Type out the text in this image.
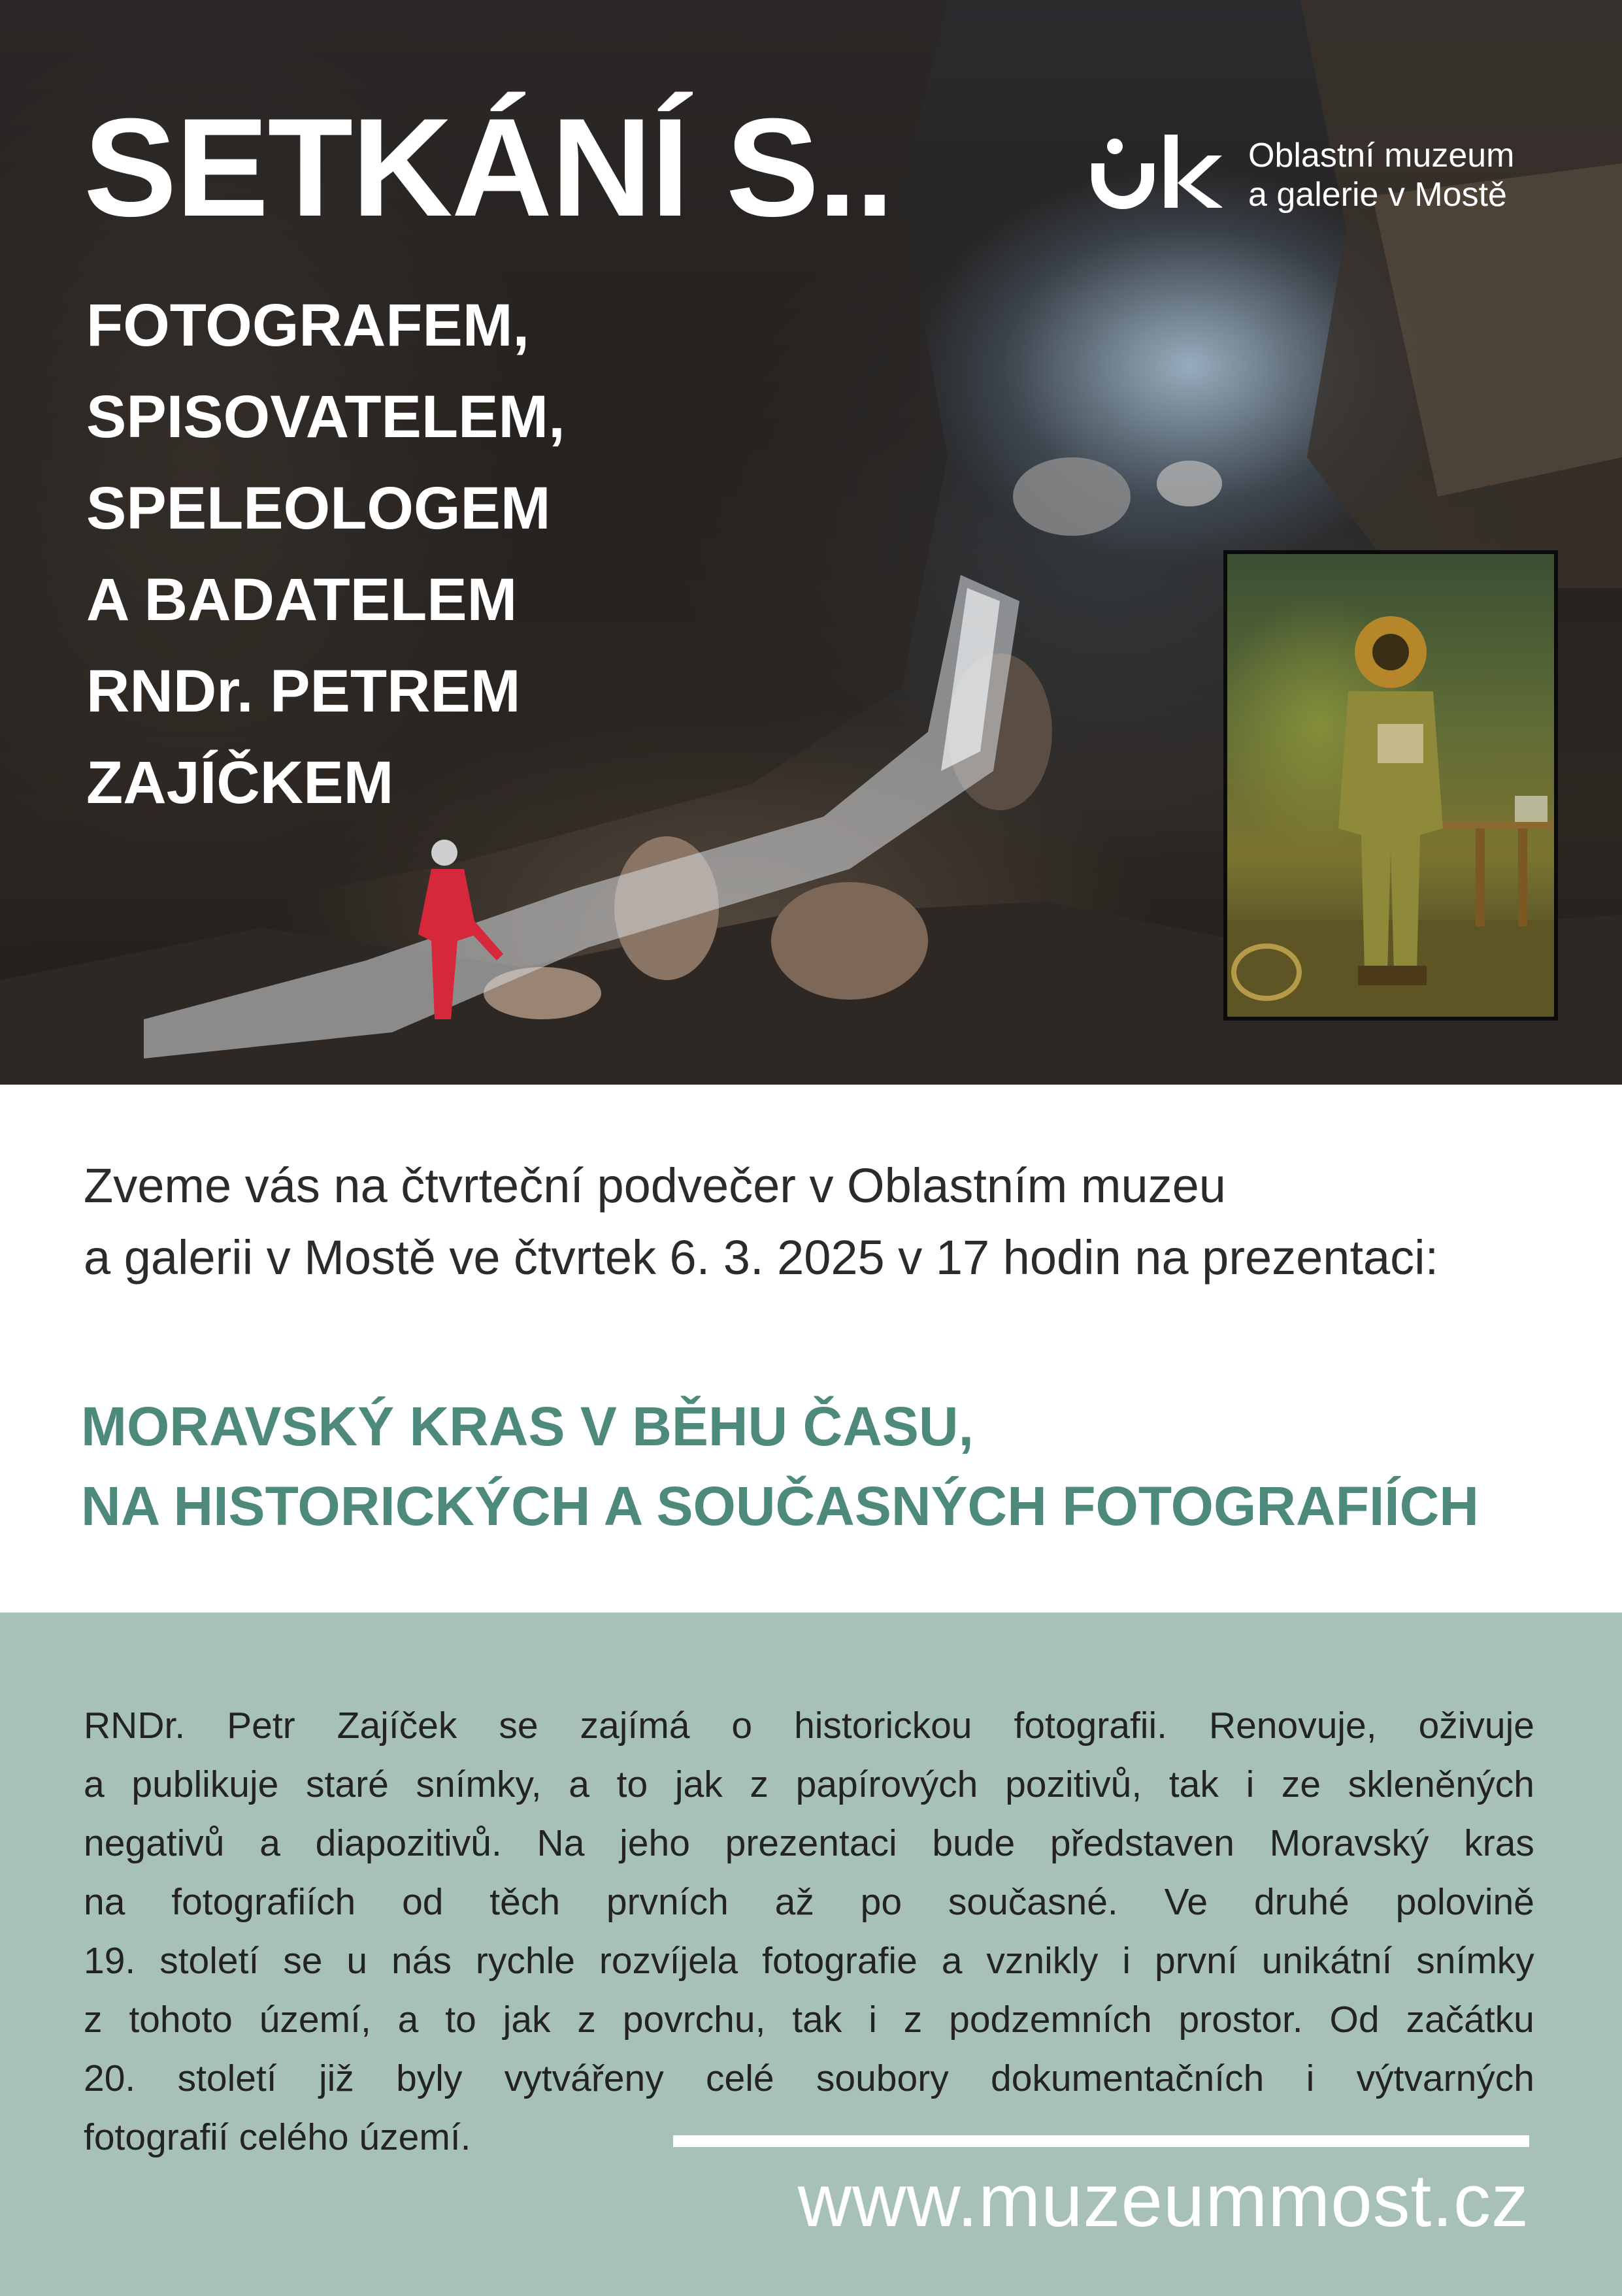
SETKÁNÍ S..
FOTOGRAFEM,
SPISOVATELEM,
SPELEOLOGEM
A BADATELEM
RNDr. PETREM
ZAJÍČKEM
Oblastní muzeum
a galerie v Mostě
Zveme vás na čtvrteční podvečer v Oblastním muzeu
a galerii v Mostě ve čtvrtek 6. 3. 2025 v 17 hodin na prezentaci:
MORAVSKÝ KRAS V BĚHU ČASU,
NA HISTORICKÝCH A SOUČASNÝCH FOTOGRAFIÍCH
RNDr. Petr Zajíček se zajímá o historickou fotografii. Renovuje, oživuje
a publikuje staré snímky, a to jak z papírových pozitivů, tak i ze skleněných
negativů a diapozitivů. Na jeho prezentaci bude představen Moravský kras
na fotografiích od těch prvních až po současné. Ve druhé polovině
19. století se u nás rychle rozvíjela fotografie a vznikly i první unikátní snímky
z tohoto území, a to jak z povrchu, tak i z podzemních prostor. Od začátku
20. století již byly vytvářeny celé soubory dokumentačních i výtvarných
fotografií celého území.
www.muzeummost.cz
